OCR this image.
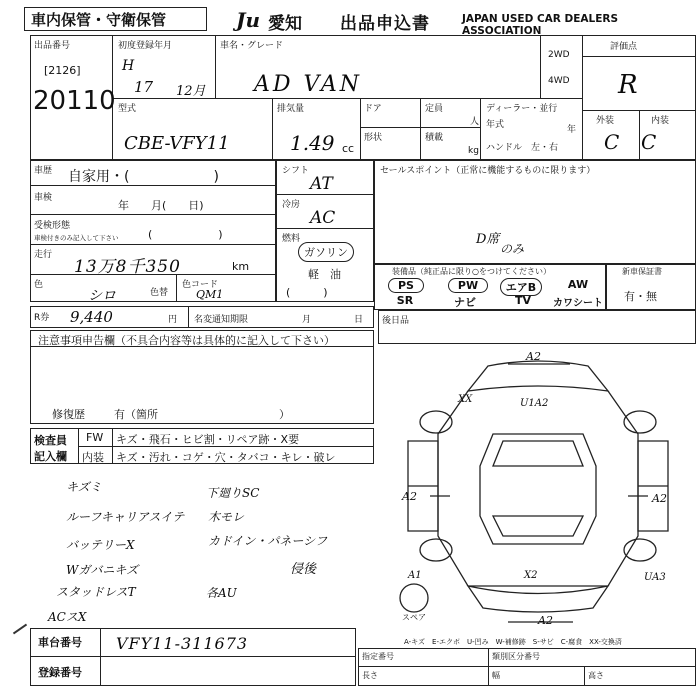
車内保管・守衛保管	Ju 愛知 出品申込書	JAPAN USED CAR DEALERS ASSOCIATION
出品番号
[2126]
20110
初度登録年月
H
17 12月
車名・グレード
AD VAN
2WD
4WD
評価点
R
外装	内装
C C
型式
CBE-VFY11
排気量
1.49 cc
ドア
形状
定員
人
積載
kg
ディーラー・並行
年式	年
ハンドル　左・右
車歴 自家用・(　　　　　　)
車検
年　　月(　　日)
受検形態
車検付きのみ記入して下さい	(　　　　　　)
走行
13万8千350	km
色
シロ	色替
色コード
QM1
シフト
AT
冷房
AC
燃料
ガソリン
軽　油
(　　　)
セールスポイント（正常に機能するものに限ります）
D席
のみ
装備品（純正品に限り○をつけてください）
PS	PW	エアB	AW
SR	ナビ	TV	カワシート
新車保証書
有・無
R券 9,440	円 名変通知期限	月	日 後日品
注意事項申告欄（不具合内容等は具体的に記入して下さい）
修復歴	有（箇所　　　　　　　　　　　）
検査員
記入欄
FW キズ・飛石・ヒビ割・リペア跡・X要
内装 キズ・汚れ・コゲ・穴・タバコ・キレ・破レ
キズミ
ルーフキャリアスイテ
バッテリーX
Wガバニキズ
スタッドレスT
ACスX
下廻りSC
木モレ
カドイン・パネーシフ
侵後
各AU
A2
XX	U1A2
A2	A2
A1	X2	UA3
A2
スペア
A-キズ　E-エクボ　U-凹み　W-補修跡　S-サビ　C-腐食　XX-交換済
車台番号 VFY11-311673
登録番号
指定番号	類別区分番号
長さ	幅	高さ
